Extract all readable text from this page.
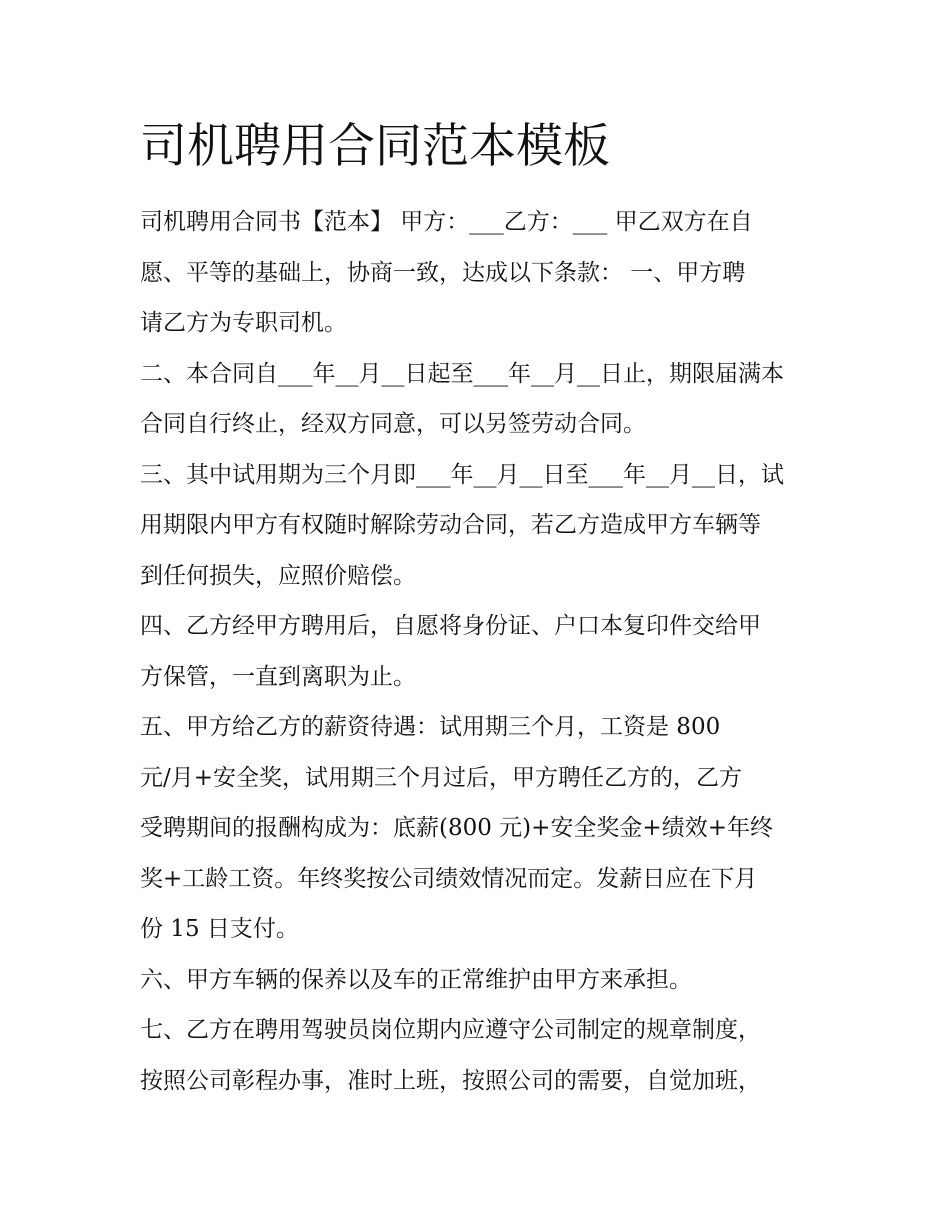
司机聘用合同范本模板
司机聘用合同书【范本】 甲方：___乙方：___ 甲乙双方在自
愿、平等的基础上，协商一致，达成以下条款： 一、甲方聘
请乙方为专职司机。
二、本合同自___年__月__日起至___年__月__日止，期限届满本
合同自行终止，经双方同意，可以另签劳动合同。
三、其中试用期为三个月即___年__月__日至___年__月__日，试
用期限内甲方有权随时解除劳动合同，若乙方造成甲方车辆等
到任何损失，应照价赔偿。
四、乙方经甲方聘用后，自愿将身份证、户口本复印件交给甲
方保管，一直到离职为止。
五、甲方给乙方的薪资待遇：试用期三个月，工资是 800
元/月+安全奖，试用期三个月过后，甲方聘任乙方的，乙方
受聘期间的报酬构成为：底薪(800 元)+安全奖金+绩效+年终
奖+工龄工资。年终奖按公司绩效情况而定。发薪日应在下月
份 15 日支付。
六、甲方车辆的保养以及车的正常维护由甲方来承担。
七、乙方在聘用驾驶员岗位期内应遵守公司制定的规章制度，
按照公司彰程办事，准时上班，按照公司的需要，自觉加班，
